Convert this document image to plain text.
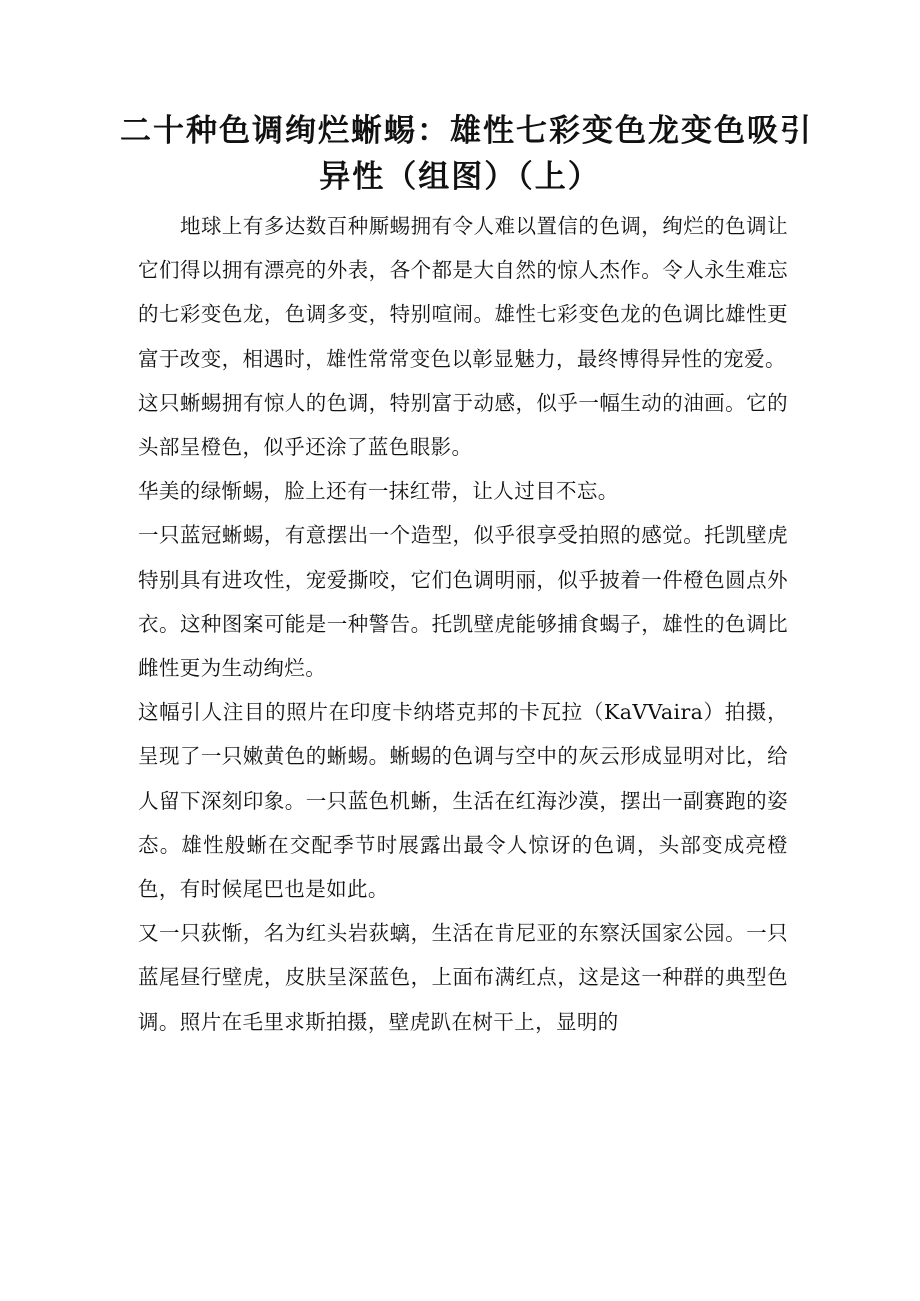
二十种色调绚烂蜥蜴：雄性七彩变色龙变色吸引
异性（组图）（上）

地球上有多达数百种厮蜴拥有令人难以置信的色调，绚烂的色调让它们得以拥有漂亮的外表，各个都是大自然的惊人杰作。令人永生难忘的七彩变色龙，色调多变，特别喧闹。雄性七彩变色龙的色调比雄性更富于改变，相遇时，雄性常常变色以彰显魅力，最终博得异性的宠爱。

这只蜥蜴拥有惊人的色调，特别富于动感，似乎一幅生动的油画。它的头部呈橙色，似乎还涂了蓝色眼影。

华美的绿惭蜴，脸上还有一抹红带，让人过目不忘。

一只蓝冠蜥蜴，有意摆出一个造型，似乎很享受拍照的感觉。托凯壁虎特别具有进攻性，宠爱撕咬，它们色调明丽，似乎披着一件橙色圆点外衣。这种图案可能是一种警告。托凯壁虎能够捕食蝎子，雄性的色调比雌性更为生动绚烂。

这幅引人注目的照片在印度卡纳塔克邦的卡瓦拉（KaVVaira）拍摄，呈现了一只嫩黄色的蜥蜴。蜥蜴的色调与空中的灰云形成显明对比，给人留下深刻印象。一只蓝色机蜥，生活在红海沙漠，摆出一副赛跑的姿态。雄性般蜥在交配季节时展露出最令人惊讶的色调，头部变成亮橙色，有时候尾巴也是如此。

又一只荻惭，名为红头岩荻螭，生活在肯尼亚的东察沃国家公园。一只蓝尾昼行壁虎，皮肤呈深蓝色，上面布满红点，这是这一种群的典型色调。照片在毛里求斯拍摄，壁虎趴在树干上，显明的
